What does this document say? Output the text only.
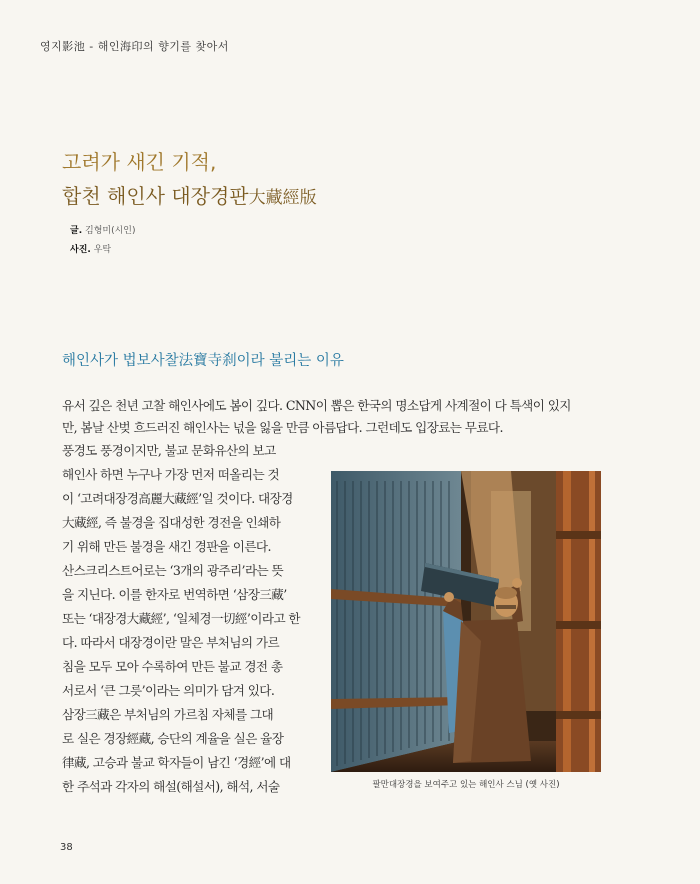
영지影池 - 해인海印의 향기를 찾아서
고려가 새긴 기적,
합천 해인사 대장경판大藏經版
글. 김형미(시인)
사진. 우탁
해인사가 법보사찰法寶寺刹이라 불리는 이유
유서 깊은 천년 고찰 해인사에도 봄이 깊다. CNN이 뽑은 한국의 명소답게 사계절이 다 특색이 있지
만, 봄날 산벚 흐드러진 해인사는 넋을 잃을 만큼 아름답다. 그런데도 입장료는 무료다.
풍경도 풍경이지만, 불교 문화유산의 보고
해인사 하면 누구나 가장 먼저 떠올리는 것
이 ‘고려대장경高麗大藏經’일 것이다. 대장경
大藏經, 즉 불경을 집대성한 경전을 인쇄하
기 위해 만든 불경을 새긴 경판을 이른다.
산스크리스트어로는 ‘3개의 광주리’라는 뜻
을 지닌다. 이를 한자로 번역하면 ‘삼장三藏’
또는 ‘대장경大藏經’, ‘일체경一切經’이라고 한
다. 따라서 대장경이란 말은 부처님의 가르
침을 모두 모아 수록하여 만든 불교 경전 총
서로서 ‘큰 그릇’이라는 의미가 담겨 있다.
삼장三藏은 부처님의 가르침 자체를 그대
로 실은 경장經藏, 승단의 계율을 실은 율장
律藏, 고승과 불교 학자들이 남긴 ‘경經’에 대
한 주석과 각자의 해설(해설서), 해석, 서술	팔만대장경을 보여주고 있는 해인사 스님 (옛 사진)
38
